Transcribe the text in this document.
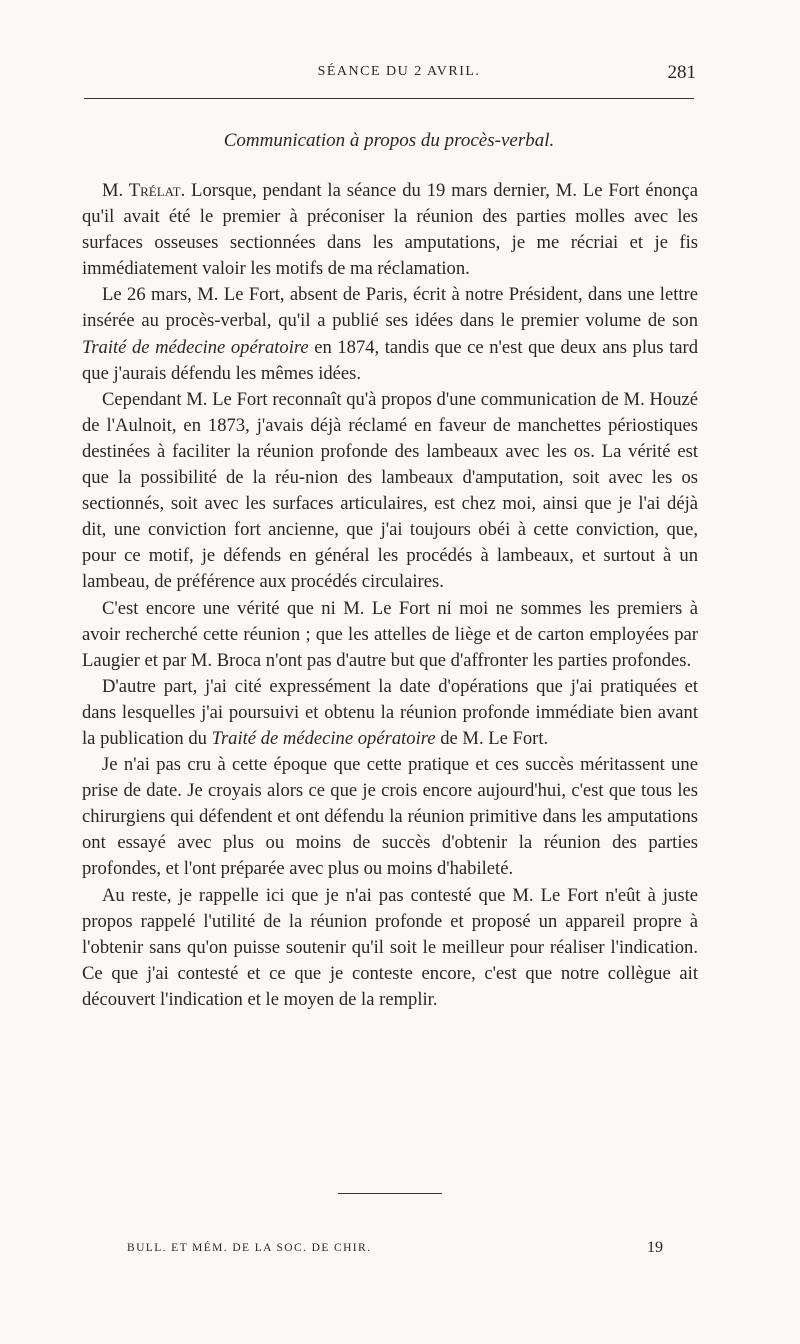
SÉANCE DU 2 AVRIL.	281
Communication à propos du procès-verbal.

M. Trélat. Lorsque, pendant la séance du 19 mars dernier, M. Le Fort énonça qu'il avait été le premier à préconiser la réunion des parties molles avec les surfaces osseuses sectionnées dans les amputations, je me récriai et je fis immédiatement valoir les motifs de ma réclamation.

Le 26 mars, M. Le Fort, absent de Paris, écrit à notre Président, dans une lettre insérée au procès-verbal, qu'il a publié ses idées dans le premier volume de son Traité de médecine opératoire en 1874, tandis que ce n'est que deux ans plus tard que j'aurais défendu les mêmes idées.

Cependant M. Le Fort reconnaît qu'à propos d'une communication de M. Houzé de l'Aulnoit, en 1873, j'avais déjà réclamé en faveur de manchettes périostiques destinées à faciliter la réunion profonde des lambeaux avec les os. La vérité est que la possibilité de la réu-nion des lambeaux d'amputation, soit avec les os sectionnés, soit avec les surfaces articulaires, est chez moi, ainsi que je l'ai déjà dit, une conviction fort ancienne, que j'ai toujours obéi à cette conviction, que, pour ce motif, je défends en général les procédés à lambeaux, et surtout à un lambeau, de préférence aux procédés circulaires.

C'est encore une vérité que ni M. Le Fort ni moi ne sommes les premiers à avoir recherché cette réunion ; que les attelles de liège et de carton employées par Laugier et par M. Broca n'ont pas d'autre but que d'affronter les parties profondes.

D'autre part, j'ai cité expressément la date d'opérations que j'ai pratiquées et dans lesquelles j'ai poursuivi et obtenu la réunion profonde immédiate bien avant la publication du Traité de médecine opératoire de M. Le Fort.

Je n'ai pas cru à cette époque que cette pratique et ces succès méritassent une prise de date. Je croyais alors ce que je crois encore aujourd'hui, c'est que tous les chirurgiens qui défendent et ont défendu la réunion primitive dans les amputations ont essayé avec plus ou moins de succès d'obtenir la réunion des parties profondes, et l'ont préparée avec plus ou moins d'habileté.

Au reste, je rappelle ici que je n'ai pas contesté que M. Le Fort n'eût à juste propos rappelé l'utilité de la réunion profonde et proposé un appareil propre à l'obtenir sans qu'on puisse soutenir qu'il soit le meilleur pour réaliser l'indication. Ce que j'ai contesté et ce que je conteste encore, c'est que notre collègue ait découvert l'indication et le moyen de la remplir.

BULL. ET MÉM. DE LA SOC. DE CHIR.	19
